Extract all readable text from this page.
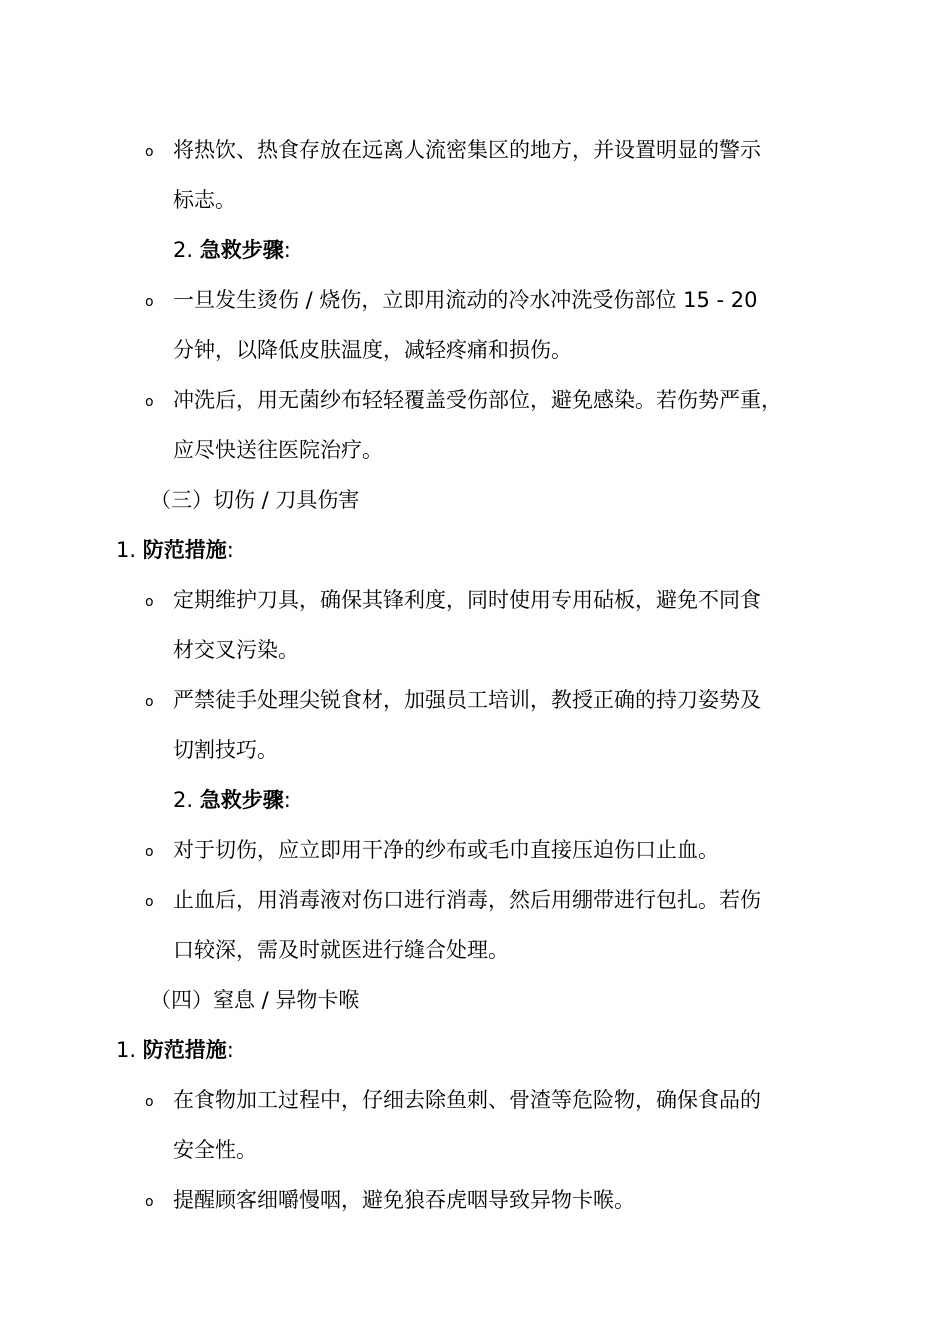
o 将热饮、热食存放在远离人流密集区的地方，并设置明显的警示
标志。
2. 急救步骤:
o 一旦发生烫伤 / 烧伤，立即用流动的冷水冲洗受伤部位 15 - 20
分钟，以降低皮肤温度，减轻疼痛和损伤。
o 冲洗后，用无菌纱布轻轻覆盖受伤部位，避免感染。若伤势严重，
应尽快送往医院治疗。
（三）切伤 / 刀具伤害
1. 防范措施:
o 定期维护刀具，确保其锋利度，同时使用专用砧板，避免不同食
材交叉污染。
o 严禁徒手处理尖锐食材，加强员工培训，教授正确的持刀姿势及
切割技巧。
2. 急救步骤:
o 对于切伤，应立即用干净的纱布或毛巾直接压迫伤口止血。
o 止血后，用消毒液对伤口进行消毒，然后用绷带进行包扎。若伤
口较深，需及时就医进行缝合处理。
（四）窒息 / 异物卡喉
1. 防范措施:
o 在食物加工过程中，仔细去除鱼刺、骨渣等危险物，确保食品的
安全性。
o 提醒顾客细嚼慢咽，避免狼吞虎咽导致异物卡喉。
